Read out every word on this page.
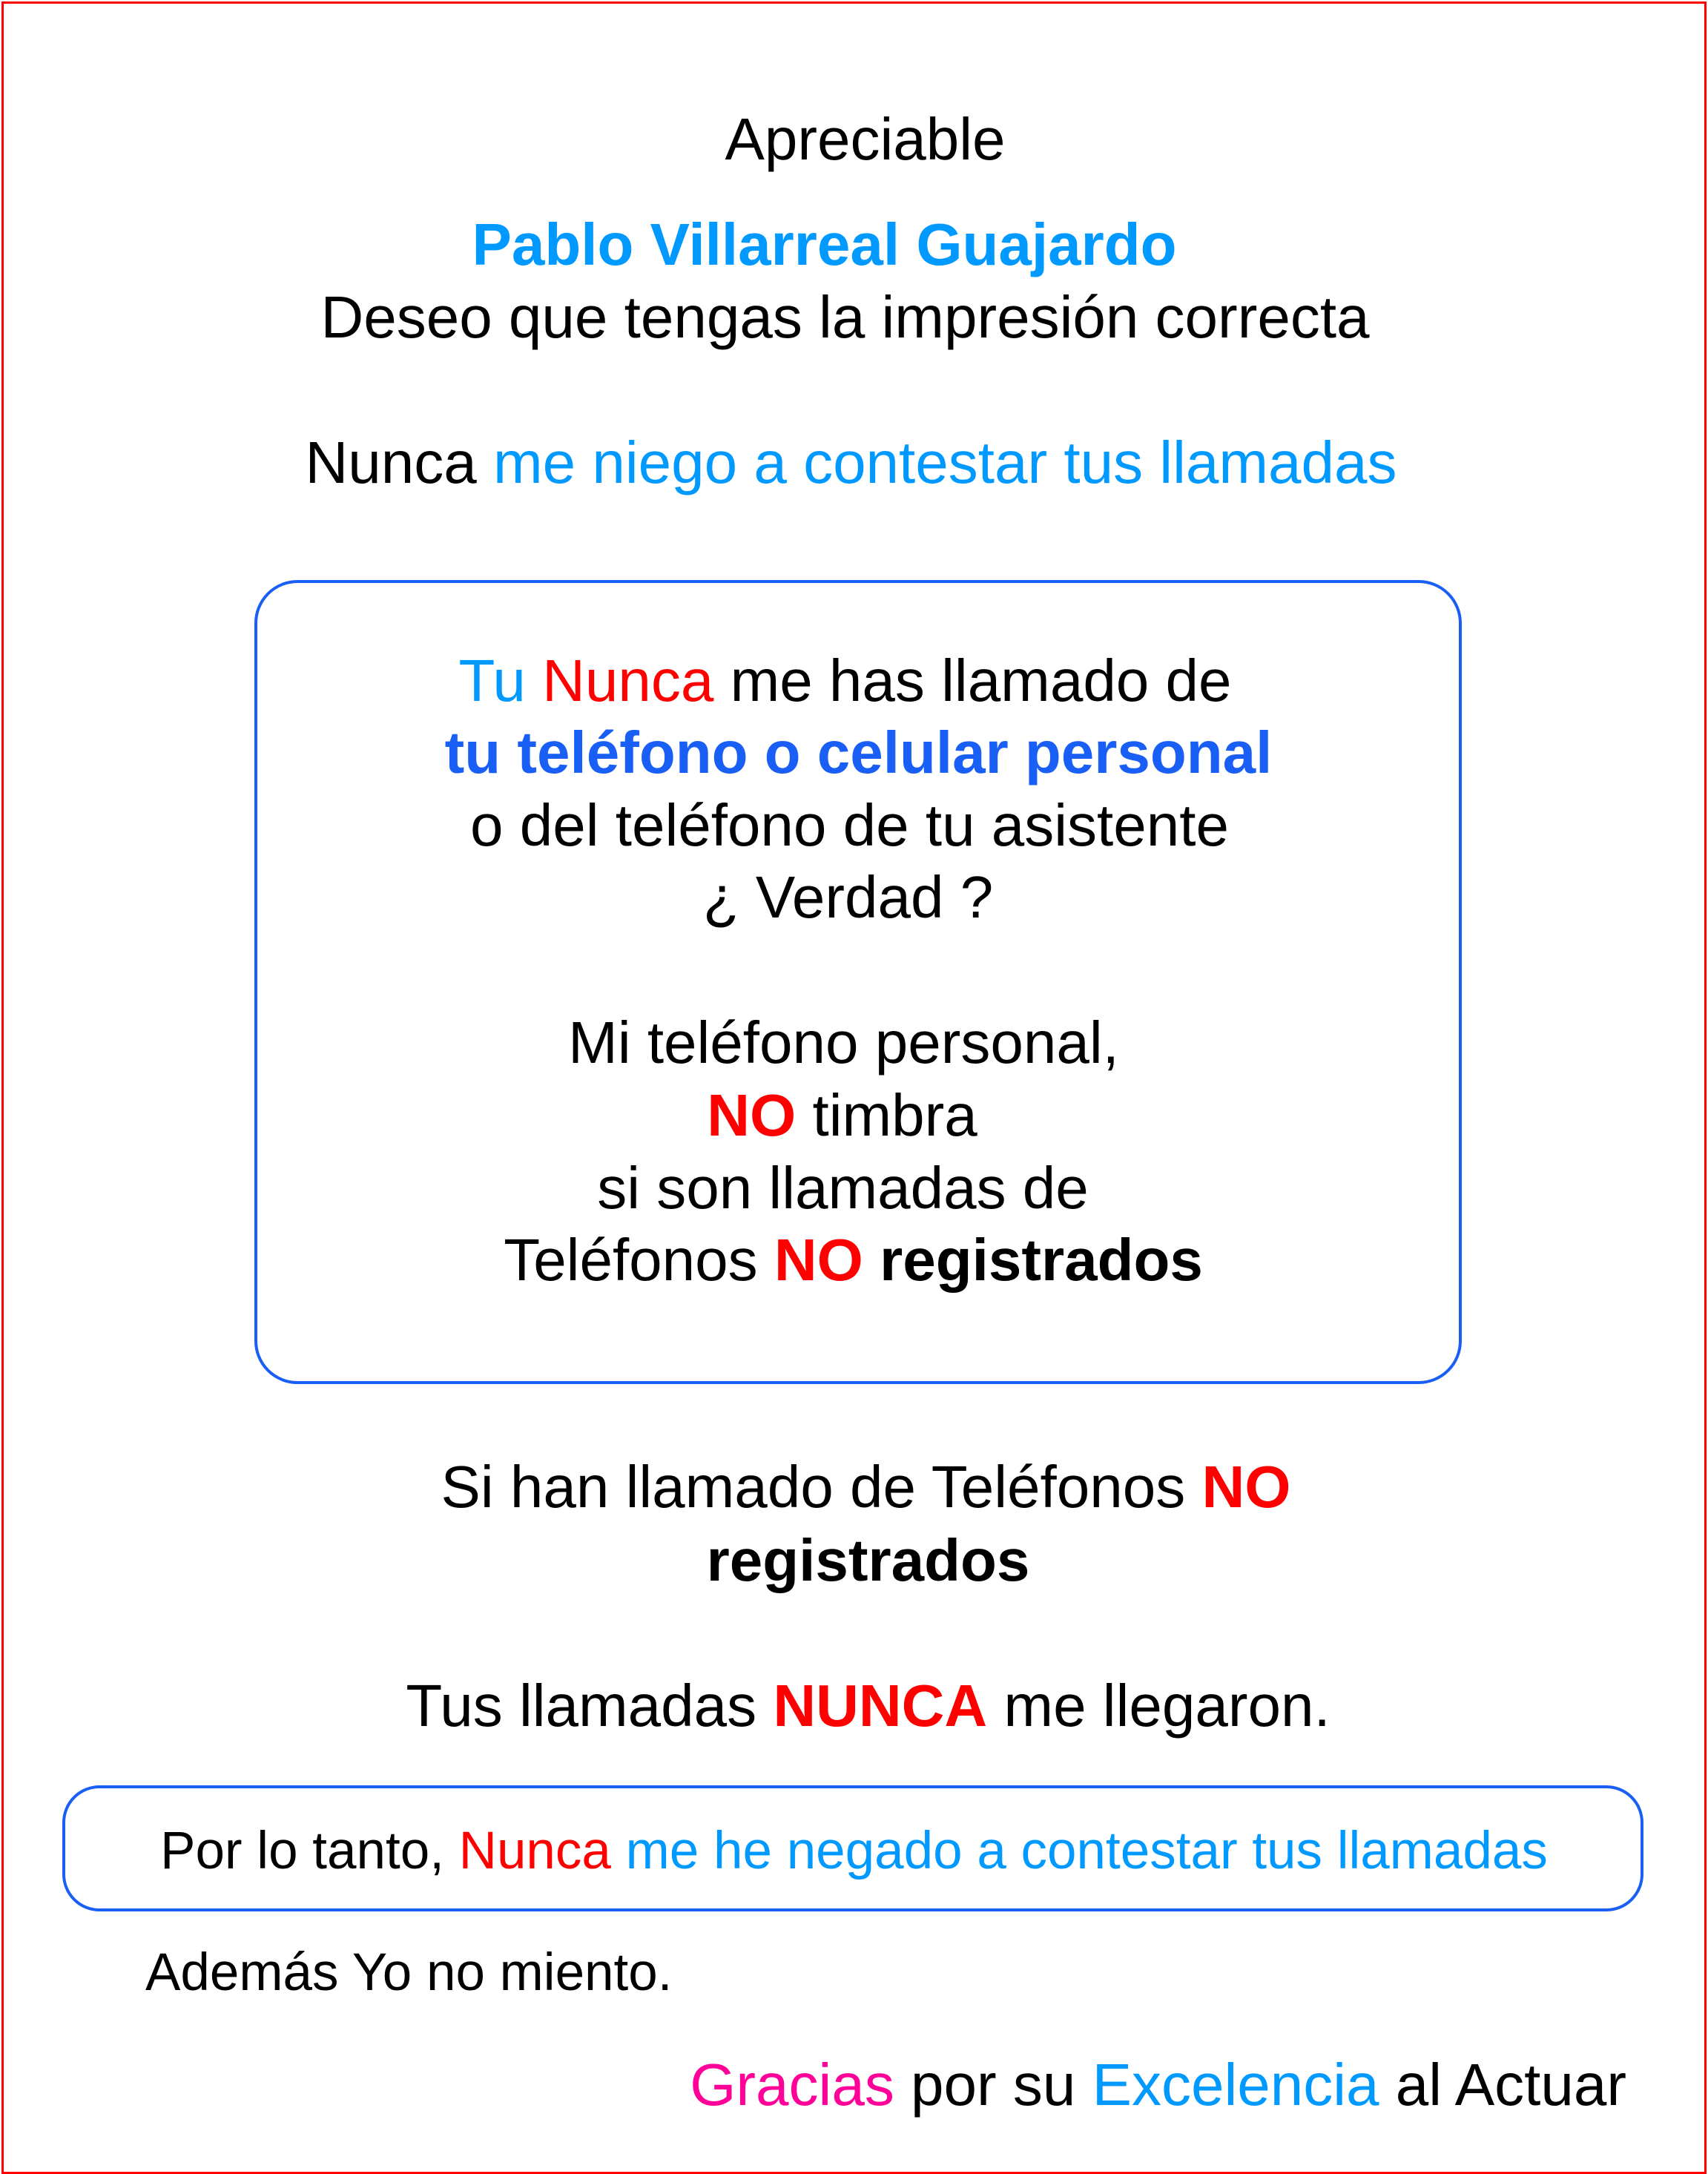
Apreciable
Pablo Villarreal Guajardo
Deseo que tengas la impresión correcta
Nunca me niego a contestar tus llamadas
Tu Nunca me has llamado de
tu teléfono o celular personal
o del teléfono de tu asistente
¿ Verdad ?
Mi teléfono personal,
NO timbra
si son llamadas de
Teléfonos NO registrados
Si han llamado de Teléfonos NO
registrados
Tus llamadas NUNCA me llegaron.
Por lo tanto, Nunca me he negado a contestar tus llamadas
Además Yo no miento.
Gracias por su Excelencia al Actuar
